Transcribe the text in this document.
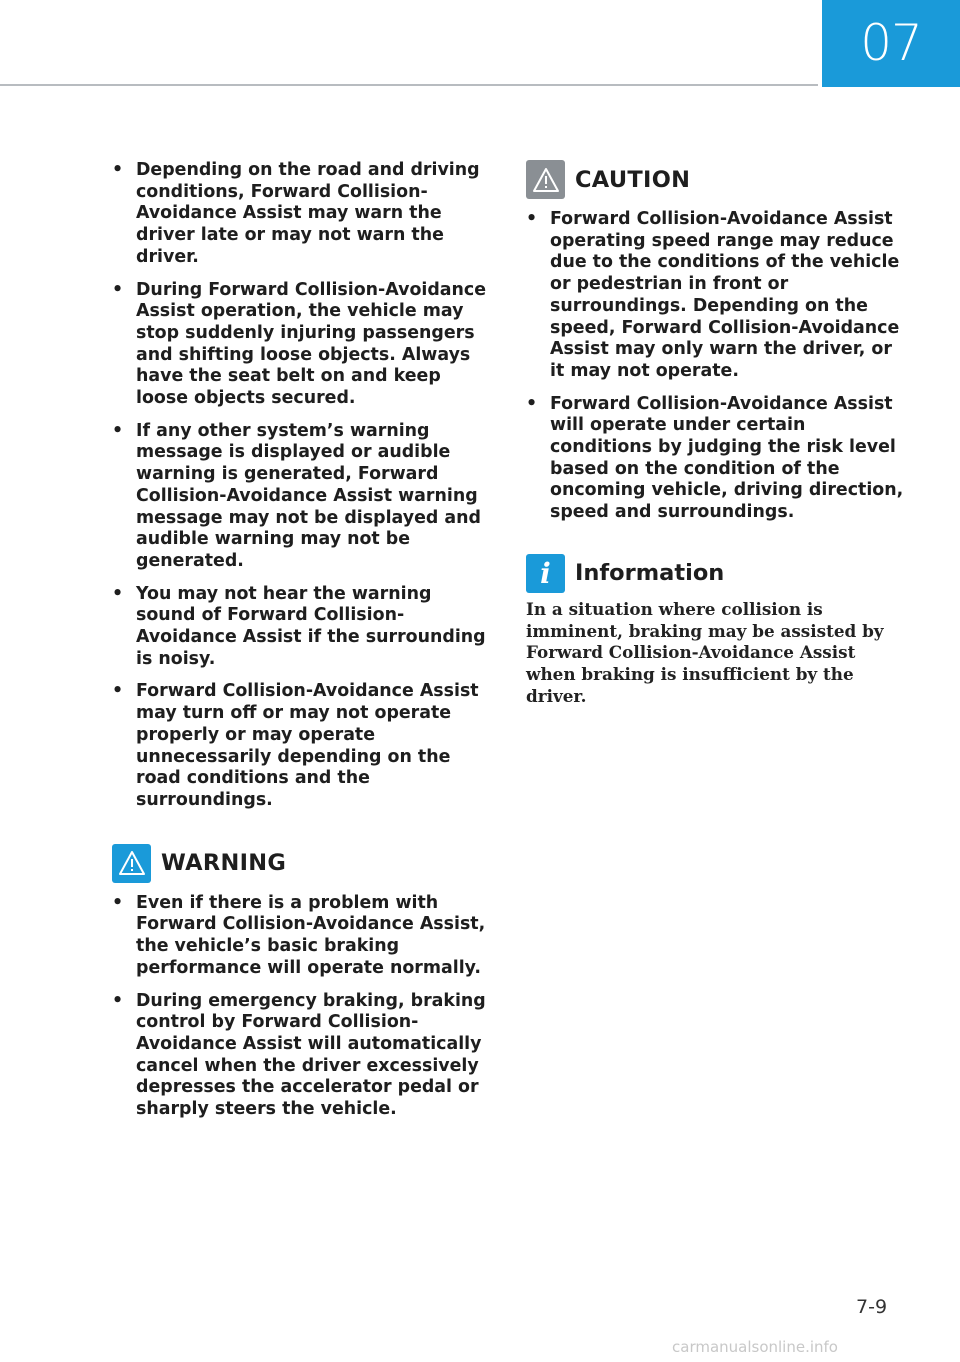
07
• Depending on the road and driving conditions, Forward Collision-Avoidance Assist may warn the driver late or may not warn the driver.
• During Forward Collision-Avoidance Assist operation, the vehicle may stop suddenly injuring passengers and shifting loose objects. Always have the seat belt on and keep loose objects secured.
• If any other system’s warning message is displayed or audible warning is generated, Forward Collision-Avoidance Assist warning message may not be displayed and audible warning may not be generated.
• You may not hear the warning sound of Forward Collision-Avoidance Assist if the surrounding is noisy.
• Forward Collision-Avoidance Assist may turn off or may not operate properly or may operate unnecessarily depending on the road conditions and the surroundings.
WARNING
• Even if there is a problem with Forward Collision-Avoidance Assist, the vehicle’s basic braking performance will operate normally.
• During emergency braking, braking control by Forward Collision-Avoidance Assist will automatically cancel when the driver excessively depresses the accelerator pedal or sharply steers the vehicle.
CAUTION
• Forward Collision-Avoidance Assist operating speed range may reduce due to the conditions of the vehicle or pedestrian in front or surroundings. Depending on the speed, Forward Collision-Avoidance Assist may only warn the driver, or it may not operate.
• Forward Collision-Avoidance Assist will operate under certain conditions by judging the risk level based on the condition of the oncoming vehicle, driving direction, speed and surroundings.
i	Information

In a situation where collision is imminent, braking may be assisted by Forward Collision-Avoidance Assist when braking is insufficient by the driver.

7-9
carmanualsonline.info
